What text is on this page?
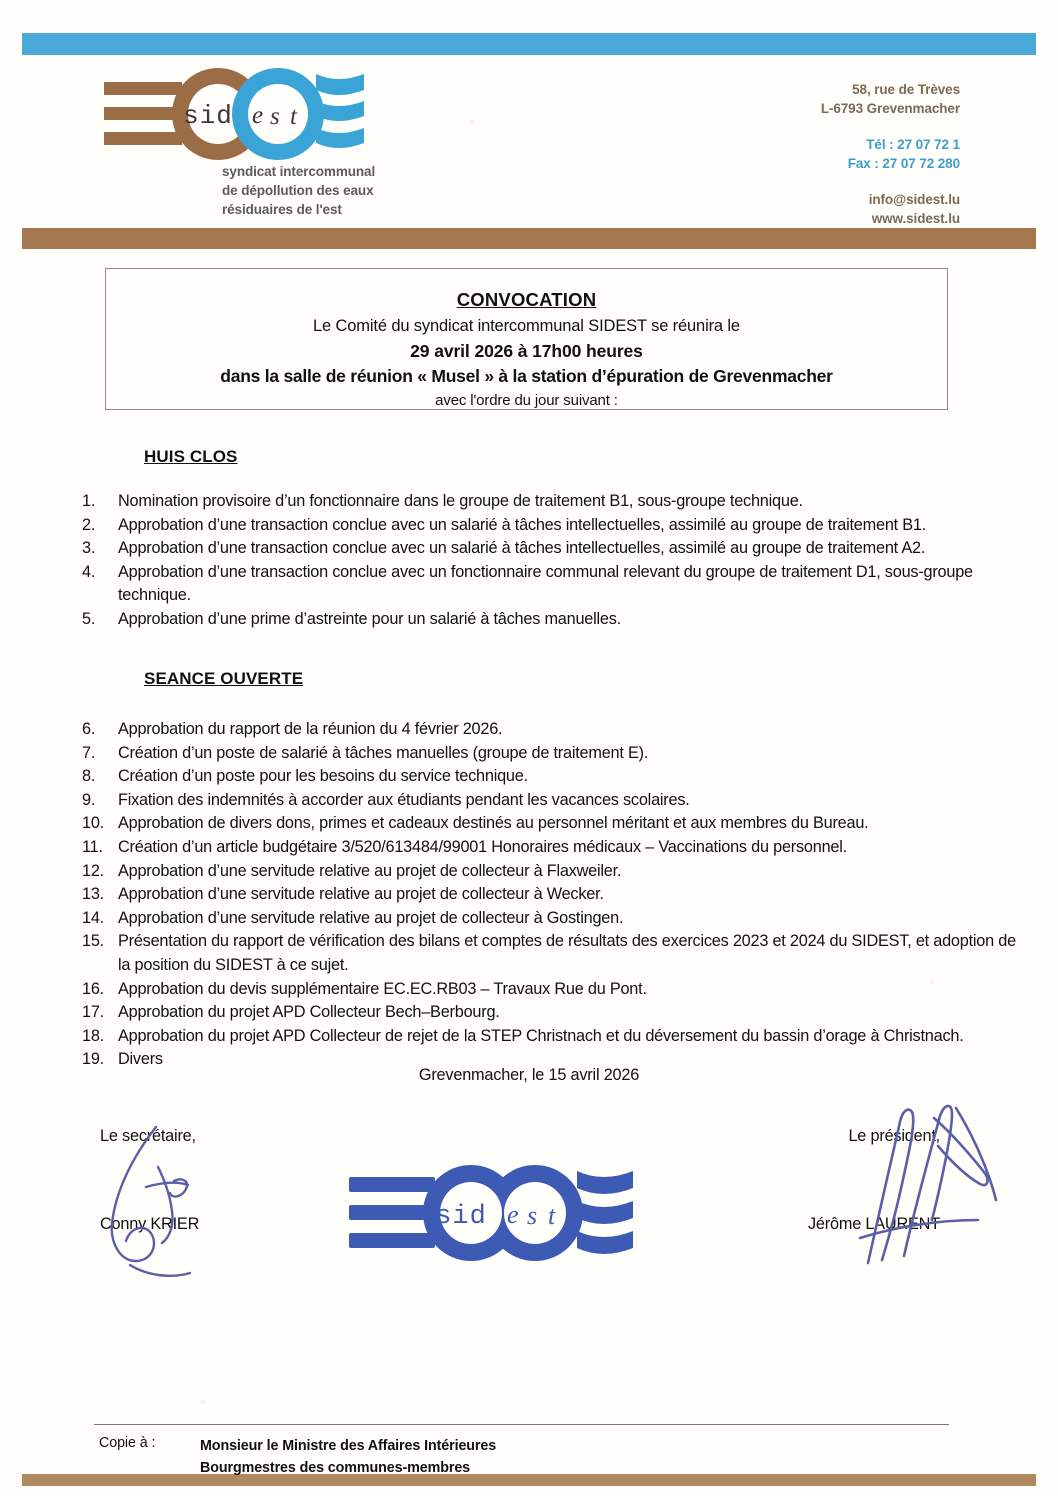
sid e s t
syndicat intercommunal
de dépollution des eaux
résiduaires de l'est
58, rue de Trèves
L-6793 Grevenmacher
Tél : 27 07 72 1
Fax : 27 07 72 280
info@sidest.lu
www.sidest.lu
CONVOCATION
Le Comité du syndicat intercommunal SIDEST se réunira le
29 avril 2026 à 17h00 heures
dans la salle de réunion « Musel » à la station d’épuration de Grevenmacher
avec l'ordre du jour suivant :
HUIS CLOS
1.	Nomination provisoire d’un fonctionnaire dans le groupe de traitement B1, sous-groupe technique.
2.	Approbation d’une transaction conclue avec un salarié à tâches intellectuelles, assimilé au groupe de traitement B1.
3.	Approbation d’une transaction conclue avec un salarié à tâches intellectuelles, assimilé au groupe de traitement A2.
4.	Approbation d’une transaction conclue avec un fonctionnaire communal relevant du groupe de traitement D1, sous-groupe technique.
5.	Approbation d’une prime d’astreinte pour un salarié à tâches manuelles.
SEANCE OUVERTE
6.	Approbation du rapport de la réunion du 4 février 2026.
7.	Création d’un poste de salarié à tâches manuelles (groupe de traitement E).
8.	Création d’un poste pour les besoins du service technique.
9.	Fixation des indemnités à accorder aux étudiants pendant les vacances scolaires.
10. Approbation de divers dons, primes et cadeaux destinés au personnel méritant et aux membres du Bureau.
11. Création d’un article budgétaire 3/520/613484/99001 Honoraires médicaux – Vaccinations du personnel.
12. Approbation d’une servitude relative au projet de collecteur à Flaxweiler.
13. Approbation d’une servitude relative au projet de collecteur à Wecker.
14. Approbation d’une servitude relative au projet de collecteur à Gostingen.
15. Présentation du rapport de vérification des bilans et comptes de résultats des exercices 2023 et 2024 du SIDEST, et adoption de la position du SIDEST à ce sujet.
16. Approbation du devis supplémentaire EC.EC.RB03 – Travaux Rue du Pont.
17. Approbation du projet APD Collecteur Bech–Berbourg.
18. Approbation du projet APD Collecteur de rejet de la STEP Christnach et du déversement du bassin d’orage à Christnach.
19. Divers
Grevenmacher, le 15 avril 2026
Le secrétaire,	Le président,
Conny KRIER	Jérôme LAURENT
sid e s t
Copie à :	Monsieur le Ministre des Affaires Intérieures
Bourgmestres des communes-membres
